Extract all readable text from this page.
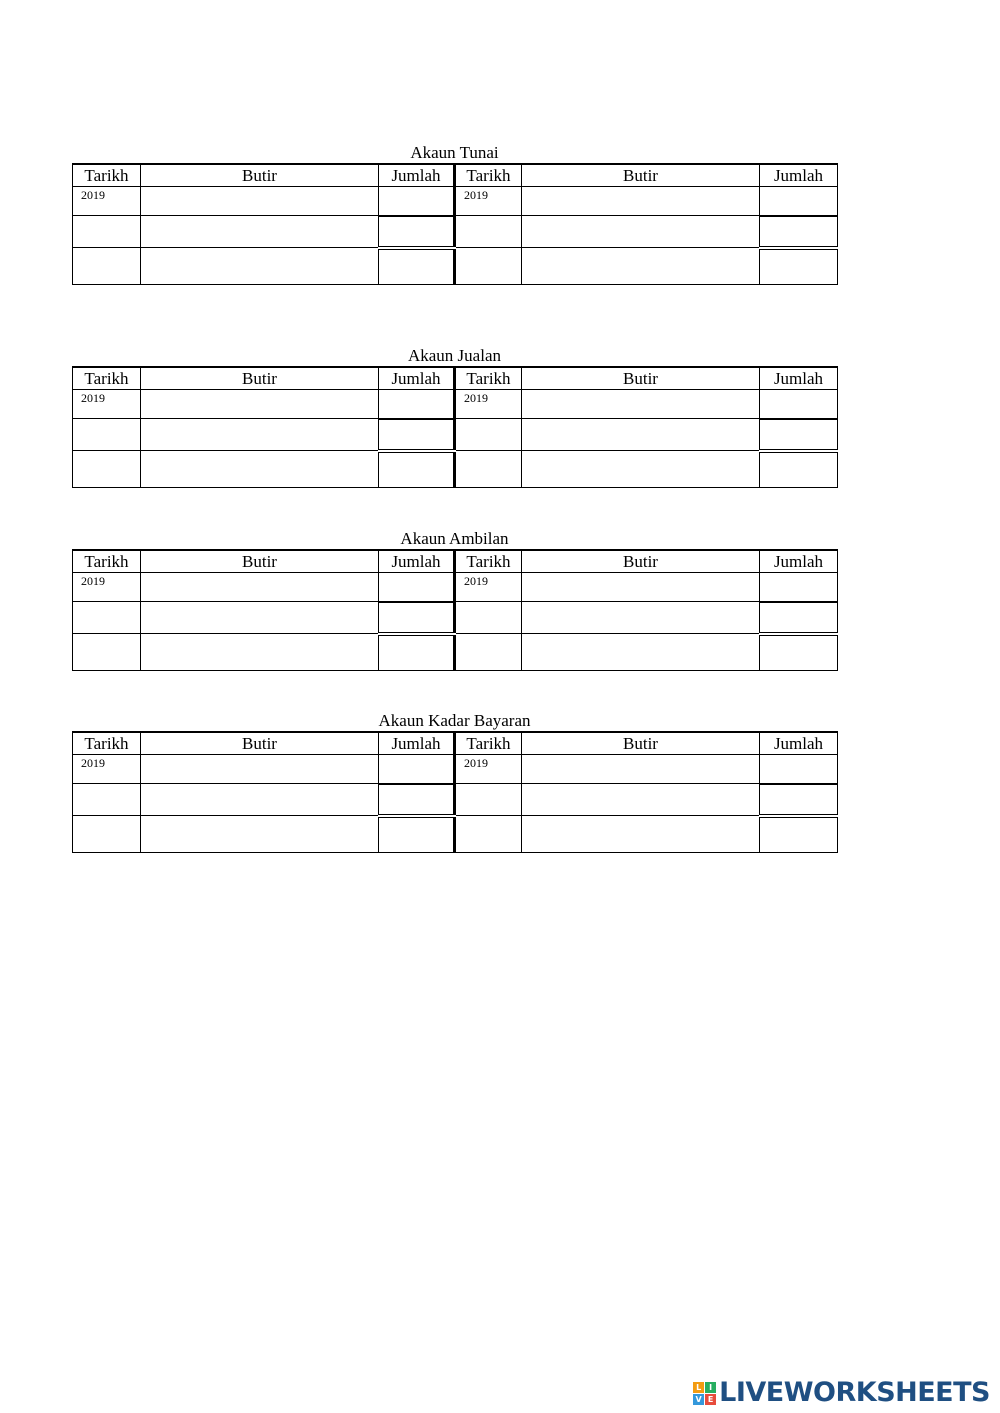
Akaun Tunai
Tarikh	Butir	Jumlah	Tarikh	Butir	Jumlah
2019			2019		

Akaun Jualan
Tarikh	Butir	Jumlah	Tarikh	Butir	Jumlah
2019			2019		

Akaun Ambilan
Tarikh	Butir	Jumlah	Tarikh	Butir	Jumlah
2019			2019		

Akaun Kadar Bayaran
Tarikh	Butir	Jumlah	Tarikh	Butir	Jumlah
2019			2019		

L I
V E LIVEWORKSHEETS
